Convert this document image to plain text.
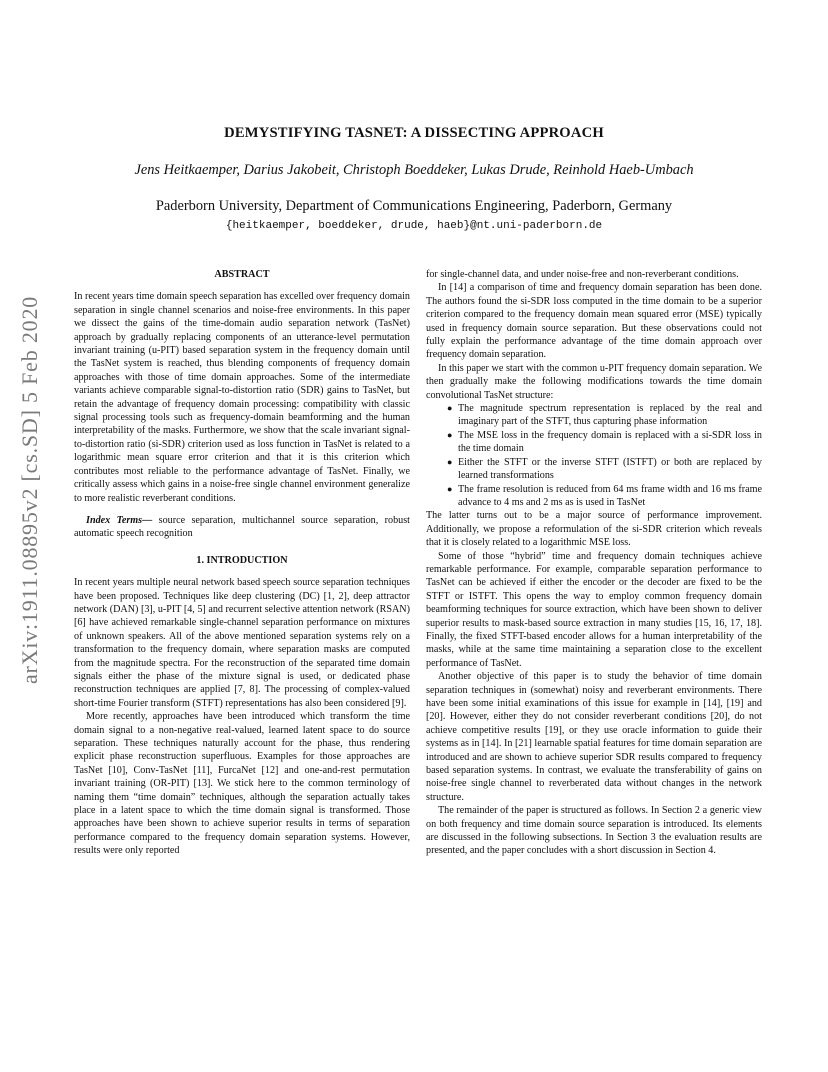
arXiv:1911.08895v2 [cs.SD] 5 Feb 2020
DEMYSTIFYING TASNET: A DISSECTING APPROACH
Jens Heitkaemper, Darius Jakobeit, Christoph Boeddeker, Lukas Drude, Reinhold Haeb-Umbach
Paderborn University, Department of Communications Engineering, Paderborn, Germany
{heitkaemper, boeddeker, drude, haeb}@nt.uni-paderborn.de
ABSTRACT

In recent years time domain speech separation has excelled over frequency domain separation in single channel scenarios and noise-free environments. In this paper we dissect the gains of the time-domain audio separation network (TasNet) approach by gradually replacing components of an utterance-level permutation invariant training (u-PIT) based separation system in the frequency domain until the TasNet system is reached, thus blending components of frequency domain approaches with those of time domain approaches. Some of the intermediate variants achieve comparable signal-to-distortion ratio (SDR) gains to TasNet, but retain the advantage of frequency domain processing: compatibility with classic signal processing tools such as frequency-domain beamforming and the human interpretability of the masks. Furthermore, we show that the scale invariant signal-to-distortion ratio (si-SDR) criterion used as loss function in TasNet is related to a logarithmic mean square error criterion and that it is this criterion which contributes most reliable to the performance advantage of TasNet. Finally, we critically assess which gains in a noise-free single channel environment generalize to more realistic reverberant conditions.

Index Terms— source separation, multichannel source separation, robust automatic speech recognition

1. INTRODUCTION

In recent years multiple neural network based speech source separation techniques have been proposed. Techniques like deep clustering (DC) [1, 2], deep attractor network (DAN) [3], u-PIT [4, 5] and recurrent selective attention network (RSAN) [6] have achieved remarkable single-channel separation performance on mixtures of unknown speakers. All of the above mentioned separation systems rely on a transformation to the frequency domain, where separation masks are computed from the magnitude spectra. For the reconstruction of the separated time domain signals either the phase of the mixture signal is used, or dedicated phase reconstruction techniques are applied [7, 8]. The processing of complex-valued short-time Fourier transform (STFT) representations has also been considered [9].

More recently, approaches have been introduced which transform the time domain signal to a non-negative real-valued, learned latent space to do source separation. These techniques naturally account for the phase, thus rendering explicit phase reconstruction superfluous. Examples for those approaches are TasNet [10], Conv-TasNet [11], FurcaNet [12] and one-and-rest permutation invariant training (OR-PIT) [13]. We stick here to the common terminology of naming them “time domain” techniques, although the separation actually takes place in a latent space to which the time domain signal is transformed. Those approaches have been shown to achieve superior results in terms of separation performance compared to the frequency domain separation systems. However, results were only reported

for single-channel data, and under noise-free and non-reverberant conditions.

In [14] a comparison of time and frequency domain separation has been done. The authors found the si-SDR loss computed in the time domain to be a superior criterion compared to the frequency domain mean squared error (MSE) typically used in frequency domain source separation. But these observations could not fully explain the performance advantage of the time domain approach over frequency domain separation.

In this paper we start with the common u-PIT frequency domain separation. We then gradually make the following modifications towards the time domain convolutional TasNet structure:

● The magnitude spectrum representation is replaced by the real and imaginary part of the STFT, thus capturing phase information
● The MSE loss in the frequency domain is replaced with a si-SDR loss in the time domain
● Either the STFT or the inverse STFT (ISTFT) or both are replaced by learned transformations
● The frame resolution is reduced from 64 ms frame width and 16 ms frame advance to 4 ms and 2 ms as is used in TasNet

The latter turns out to be a major source of performance improvement. Additionally, we propose a reformulation of the si-SDR criterion which reveals that it is closely related to a logarithmic MSE loss.

Some of those “hybrid” time and frequency domain techniques achieve remarkable performance. For example, comparable separation performance to TasNet can be achieved if either the encoder or the decoder are fixed to be the STFT or ISTFT. This opens the way to employ common frequency domain beamforming techniques for source extraction, which have been shown to deliver superior results to mask-based source extraction in many studies [15, 16, 17, 18]. Finally, the fixed STFT-based encoder allows for a human interpretability of the masks, while at the same time maintaining a separation close to the excellent performance of TasNet.

Another objective of this paper is to study the behavior of time domain separation techniques in (somewhat) noisy and reverberant environments. There have been some initial examinations of this issue for example in [14], [19] and [20]. However, either they do not consider reverberant conditions [20], do not achieve competitive results [19], or they use oracle information to guide their systems as in [14]. In [21] learnable spatial features for time domain separation are introduced and are shown to achieve superior SDR results compared to frequency based separation systems. In contrast, we evaluate the transferability of gains on noise-free single channel to reverberated data without changes in the network structure.

The remainder of the paper is structured as follows. In Section 2 a generic view on both frequency and time domain source separation is introduced. Its elements are discussed in the following subsections. In Section 3 the evaluation results are presented, and the paper concludes with a short discussion in Section 4.
